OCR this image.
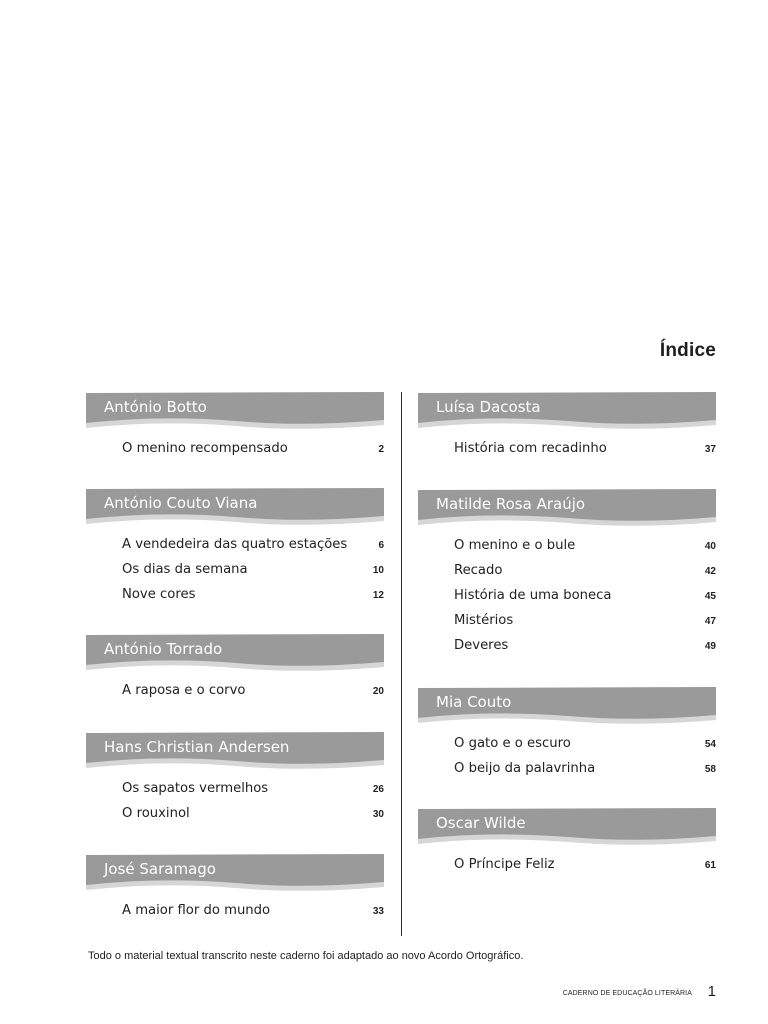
Índice
António Botto
O menino recompensado	2
António Couto Viana
A vendedeira das quatro estações	6
Os dias da semana	10
Nove cores	12
António Torrado
A raposa e o corvo	20
Hans Christian Andersen
Os sapatos vermelhos	26
O rouxinol	30
José Saramago
A maior flor do mundo	33
Luísa Dacosta
História com recadinho	37
Matilde Rosa Araújo
O menino e o bule	40
Recado	42
História de uma boneca	45
Mistérios	47
Deveres	49
Mia Couto
O gato e o escuro	54
O beijo da palavrinha	58
Oscar Wilde
O Príncipe Feliz	61
Todo o material textual transcrito neste caderno foi adaptado ao novo Acordo Ortográfico.
CADERNO DE EDUCAÇÃO LITERÁRIA 1
